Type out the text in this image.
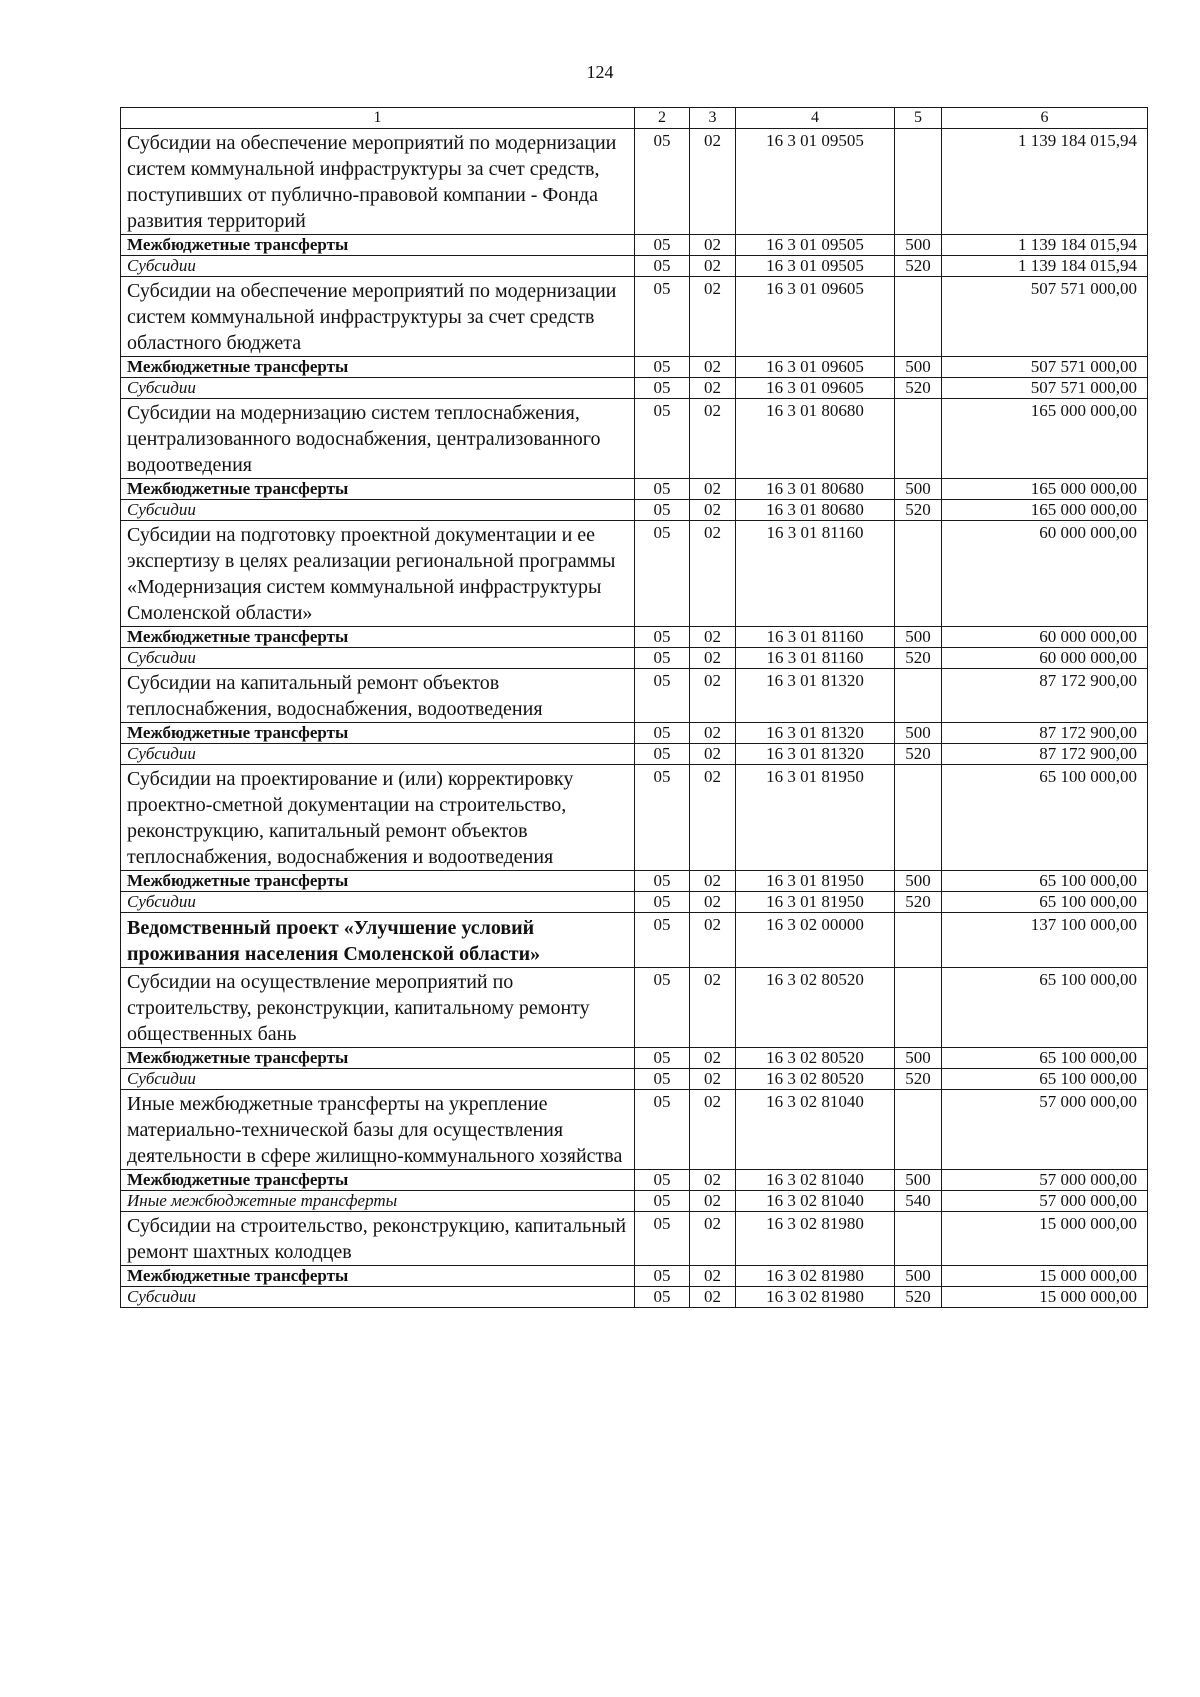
124
1	2	3	4	5	6
Субсидии на обеспечение мероприятий по модернизации систем коммунальной инфраструктуры за счет средств, поступивших от публично-правовой компании - Фонда развития территорий	05	02	16 3 01 09505		1 139 184 015,94
Межбюджетные трансферты	05	02	16 3 01 09505	500	1 139 184 015,94
Субсидии	05	02	16 3 01 09505	520	1 139 184 015,94
Субсидии на обеспечение мероприятий по модернизации систем коммунальной инфраструктуры за счет средств областного бюджета	05	02	16 3 01 09605		507 571 000,00
Межбюджетные трансферты	05	02	16 3 01 09605	500	507 571 000,00
Субсидии	05	02	16 3 01 09605	520	507 571 000,00
Субсидии на модернизацию систем теплоснабжения, централизованного водоснабжения, централизованного водоотведения	05	02	16 3 01 80680		165 000 000,00
Межбюджетные трансферты	05	02	16 3 01 80680	500	165 000 000,00
Субсидии	05	02	16 3 01 80680	520	165 000 000,00
Субсидии на подготовку проектной документации и ее экспертизу в целях реализации региональной программы «Модернизация систем коммунальной инфраструктуры Смоленской области»	05	02	16 3 01 81160		60 000 000,00
Межбюджетные трансферты	05	02	16 3 01 81160	500	60 000 000,00
Субсидии	05	02	16 3 01 81160	520	60 000 000,00
Субсидии на капитальный ремонт объектов теплоснабжения, водоснабжения, водоотведения	05	02	16 3 01 81320		87 172 900,00
Межбюджетные трансферты	05	02	16 3 01 81320	500	87 172 900,00
Субсидии	05	02	16 3 01 81320	520	87 172 900,00
Субсидии на проектирование и (или) корректировку проектно-сметной документации на строительство, реконструкцию, капитальный ремонт объектов теплоснабжения, водоснабжения и водоотведения	05	02	16 3 01 81950		65 100 000,00
Межбюджетные трансферты	05	02	16 3 01 81950	500	65 100 000,00
Субсидии	05	02	16 3 01 81950	520	65 100 000,00
Ведомственный проект «Улучшение условий проживания населения Смоленской области»	05	02	16 3 02 00000		137 100 000,00
Субсидии на осуществление мероприятий по строительству, реконструкции, капитальному ремонту общественных бань	05	02	16 3 02 80520		65 100 000,00
Межбюджетные трансферты	05	02	16 3 02 80520	500	65 100 000,00
Субсидии	05	02	16 3 02 80520	520	65 100 000,00
Иные межбюджетные трансферты на укрепление материально-технической базы для осуществления деятельности в сфере жилищно-коммунального хозяйства	05	02	16 3 02 81040		57 000 000,00
Межбюджетные трансферты	05	02	16 3 02 81040	500	57 000 000,00
Иные межбюджетные трансферты	05	02	16 3 02 81040	540	57 000 000,00
Субсидии на строительство, реконструкцию, капитальный ремонт шахтных колодцев	05	02	16 3 02 81980		15 000 000,00
Межбюджетные трансферты	05	02	16 3 02 81980	500	15 000 000,00
Субсидии	05	02	16 3 02 81980	520	15 000 000,00
